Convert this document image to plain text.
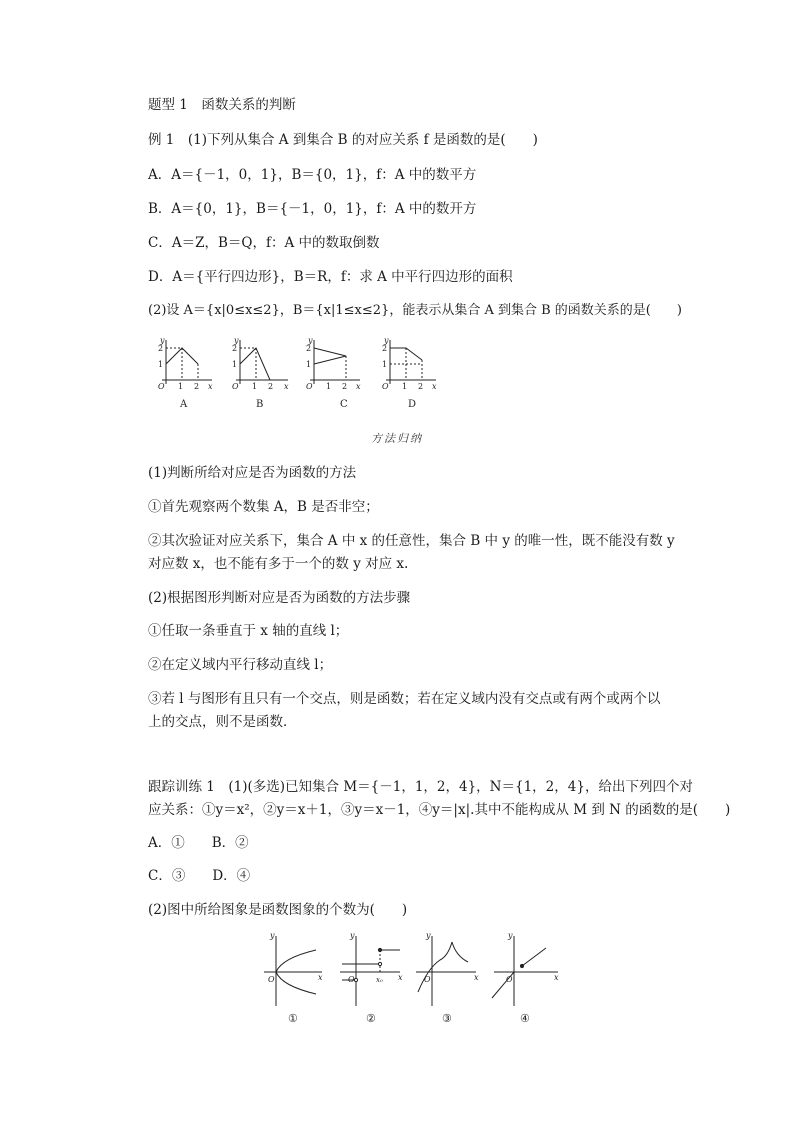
题型 1　函数关系的判断
例 1　(1)下列从集合 A 到集合 B 的对应关系 f 是函数的是(　　)
A．A＝{－1，0，1}，B＝{0，1}，f：A 中的数平方
B．A＝{0，1}，B＝{－1，0，1}，f：A 中的数开方
C．A＝Z，B＝Q，f：A 中的数取倒数
D．A＝{平行四边形}，B＝R，f：求 A 中平行四边形的面积
(2)设 A＝{x|0≤x≤2}，B＝{x|1≤x≤2}，能表示从集合 A 到集合 B 的函数关系的是(　　)
y	y	y	y
x	x	x	x
O	O	O	O
1 2
1
2
1 2
1
2
1 2
1
2
1 2
1
2
A	B	C	D
方法归纳
(1)判断所给对应是否为函数的方法
①首先观察两个数集 A，B 是否非空；
②其次验证对应关系下，集合 A 中 x 的任意性，集合 B 中 y 的唯一性，既不能没有数 y
对应数 x，也不能有多于一个的数 y 对应 x.
(2)根据图形判断对应是否为函数的方法步骤
①任取一条垂直于 x 轴的直线 l；
②在定义域内平行移动直线 l；
③若 l 与图形有且只有一个交点，则是函数；若在定义域内没有交点或有两个或两个以
上的交点，则不是函数．
跟踪训练 1　(1)(多选)已知集合 M＝{－1，1，2，4}，N＝{1，2，4}，给出下列四个对
应关系：①y＝x²，②y＝x＋1，③y＝x－1，④y＝|x|.其中不能构成从 M 到 N 的函数的是(　　)
A．①　　B．②
C．③　　D．④
(2)图中所给图象是函数图象的个数为(　　)
y	y	y	y
x	x	x	x
O	O	O	O
x₀
①	②	③	④
